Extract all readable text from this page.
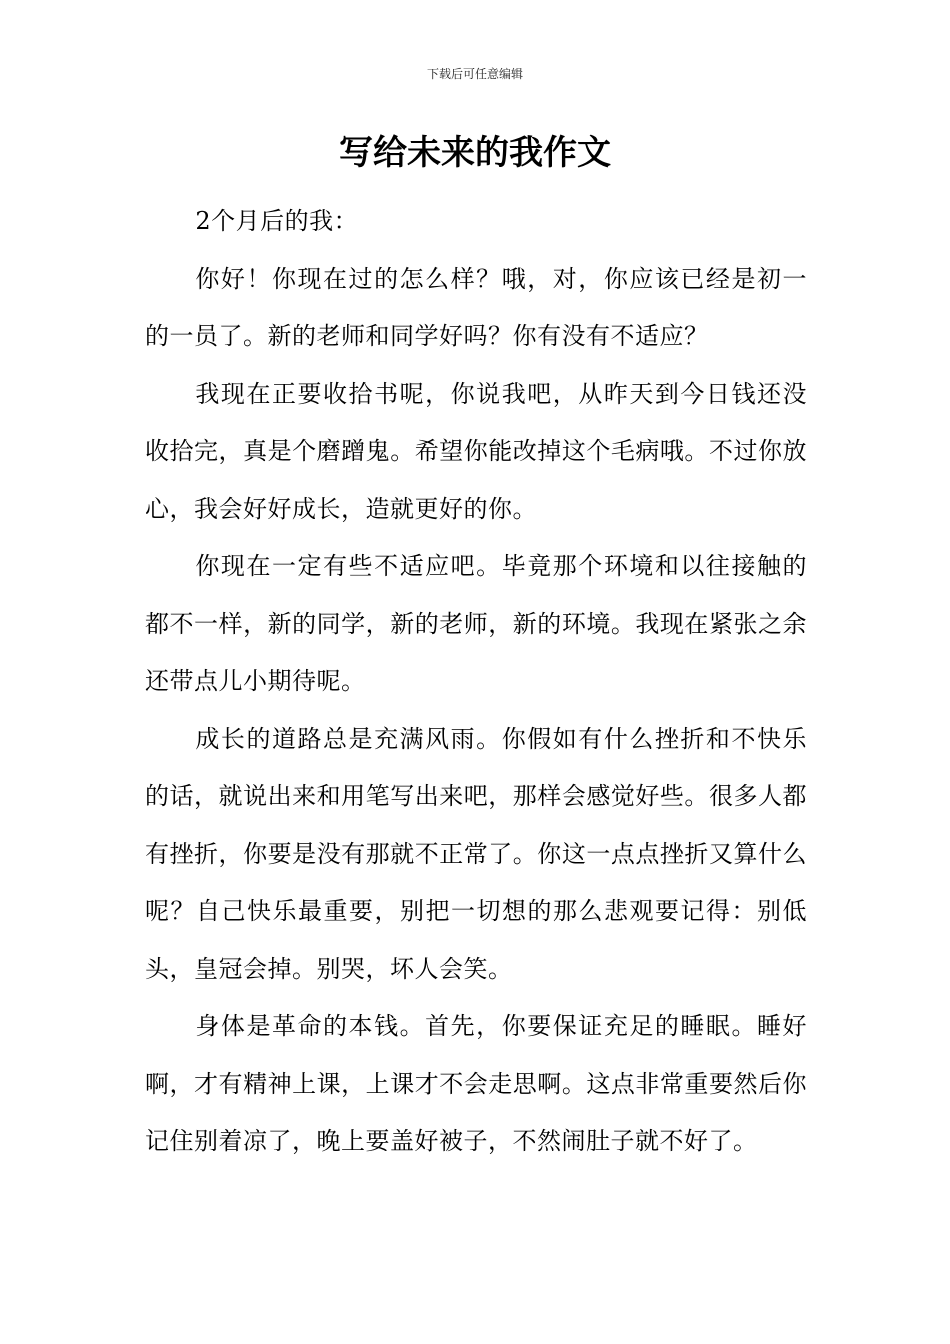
下载后可任意编辑
写给未来的我作文

2个月后的我：

你好！你现在过的怎么样？哦，对，你应该已经是初一的一员了。新的老师和同学好吗？你有没有不适应？

我现在正要收拾书呢，你说我吧，从昨天到今日钱还没收拾完，真是个磨蹭鬼。希望你能改掉这个毛病哦。不过你放心，我会好好成长，造就更好的你。

你现在一定有些不适应吧。毕竟那个环境和以往接触的都不一样，新的同学，新的老师，新的环境。我现在紧张之余还带点儿小期待呢。

成长的道路总是充满风雨。你假如有什么挫折和不快乐的话，就说出来和用笔写出来吧，那样会感觉好些。很多人都有挫折，你要是没有那就不正常了。你这一点点挫折又算什么呢？自己快乐最重要，别把一切想的那么悲观要记得：别低头，皇冠会掉。别哭，坏人会笑。

身体是革命的本钱。首先，你要保证充足的睡眠。睡好啊，才有精神上课，上课才不会走思啊。这点非常重要然后你记住别着凉了，晚上要盖好被子，不然闹肚子就不好了。
